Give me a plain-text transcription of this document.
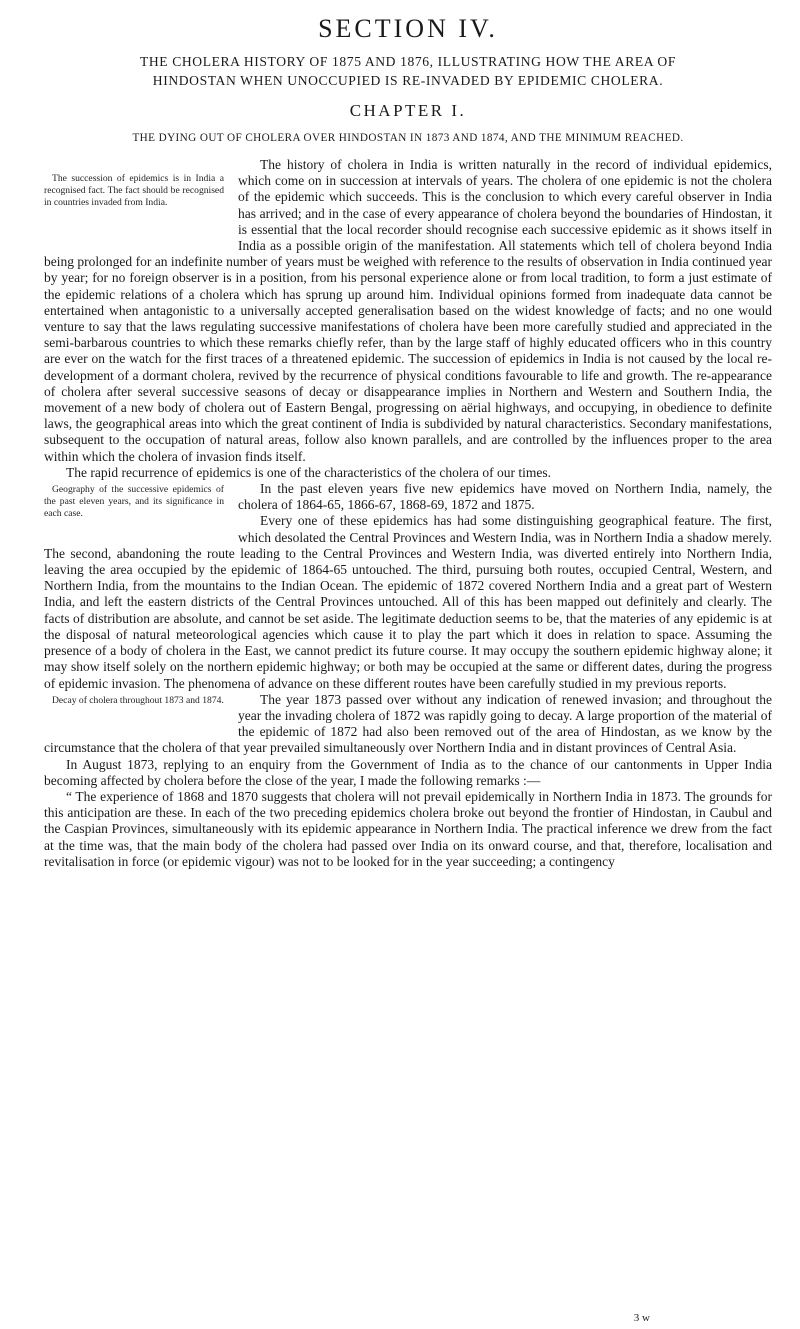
SECTION IV.
THE CHOLERA HISTORY OF 1875 AND 1876, ILLUSTRATING HOW THE AREA OF
HINDOSTAN WHEN UNOCCUPIED IS RE-INVADED BY EPIDEMIC CHOLERA.
CHAPTER I.
THE DYING OUT OF CHOLERA OVER HINDOSTAN IN 1873 AND 1874, AND THE MINIMUM REACHED.
The succession of epidemics is in India a recognised fact. The fact should be recognised in countries invaded from India.

The history of cholera in India is written naturally in the record of individual epidemics, which come on in succession at intervals of years. The cholera of one epidemic is not the cholera of the epidemic which succeeds. This is the conclusion to which every careful observer in India has arrived; and in the case of every appearance of cholera beyond the boundaries of Hindostan, it is essential that the local recorder should recognise each successive epidemic as it shows itself in India as a possible origin of the manifestation. All statements which tell of cholera beyond India being prolonged for an indefinite number of years must be weighed with reference to the results of observation in India continued year by year; for no foreign observer is in a position, from his personal experience alone or from local tradition, to form a just estimate of the epidemic relations of a cholera which has sprung up around him. Individual opinions formed from inadequate data cannot be entertained when antagonistic to a universally accepted generalisation based on the widest knowledge of facts; and no one would venture to say that the laws regulating successive manifestations of cholera have been more carefully studied and appreciated in the semi-barbarous countries to which these remarks chiefly refer, than by the large staff of highly educated officers who in this country are ever on the watch for the first traces of a threatened epidemic. The succession of epidemics in India is not caused by the local re-development of a dormant cholera, revived by the recurrence of physical conditions favourable to life and growth. The re-appearance of cholera after several successive seasons of decay or disappearance implies in Northern and Western and Southern India, the movement of a new body of cholera out of Eastern Bengal, progressing on aërial highways, and occupying, in obedience to definite laws, the geographical areas into which the great continent of India is subdivided by natural characteristics. Secondary manifestations, subsequent to the occupation of natural areas, follow also known parallels, and are controlled by the influences proper to the area within which the cholera of invasion finds itself.

The rapid recurrence of epidemics is one of the characteristics of the cholera of our times.

Geography of the successive epidemics of the past eleven years, and its significance in each case.

In the past eleven years five new epidemics have moved on Northern India, namely, the cholera of 1864-65, 1866-67, 1868-69, 1872 and 1875.

Every one of these epidemics has had some distinguishing geographical feature. The first, which desolated the Central Provinces and Western India, was in Northern India a shadow merely. The second, abandoning the route leading to the Central Provinces and Western India, was diverted entirely into Northern India, leaving the area occupied by the epidemic of 1864-65 untouched. The third, pursuing both routes, occupied Central, Western, and Northern India, from the mountains to the Indian Ocean. The epidemic of 1872 covered Northern India and a great part of Western India, and left the eastern districts of the Central Provinces untouched. All of this has been mapped out definitely and clearly. The facts of distribution are absolute, and cannot be set aside. The legitimate deduction seems to be, that the materies of any epidemic is at the disposal of natural meteorological agencies which cause it to play the part which it does in relation to space. Assuming the presence of a body of cholera in the East, we cannot predict its future course. It may occupy the southern epidemic highway alone; it may show itself solely on the northern epidemic highway; or both may be occupied at the same or different dates, during the progress of epidemic invasion. The phenomena of advance on these different routes have been carefully studied in my previous reports.

Decay of cholera throughout 1873 and 1874.	The year 1873 passed over without any indication of renewed invasion; and throughout the year the invading cholera of 1872 was rapidly going to decay. A large proportion of the material of the epidemic of 1872 had also been removed out of the area of Hindostan, as we know by the circumstance that the cholera of that year prevailed simultaneously over Northern India and in distant provinces of Central Asia.

In August 1873, replying to an enquiry from the Government of India as to the chance of our cantonments in Upper India becoming affected by cholera before the close of the year, I made the following remarks :—

“ The experience of 1868 and 1870 suggests that cholera will not prevail epidemically in Northern India in 1873. The grounds for this anticipation are these. In each of the two preceding epidemics cholera broke out beyond the frontier of Hindostan, in Caubul and the Caspian Provinces, simultaneously with its epidemic appearance in Northern India. The practical inference we drew from the fact at the time was, that the main body of the cholera had passed over India on its onward course, and that, therefore, localisation and revitalisation in force (or epidemic vigour) was not to be looked for in the year succeeding; a contingency

3 w
